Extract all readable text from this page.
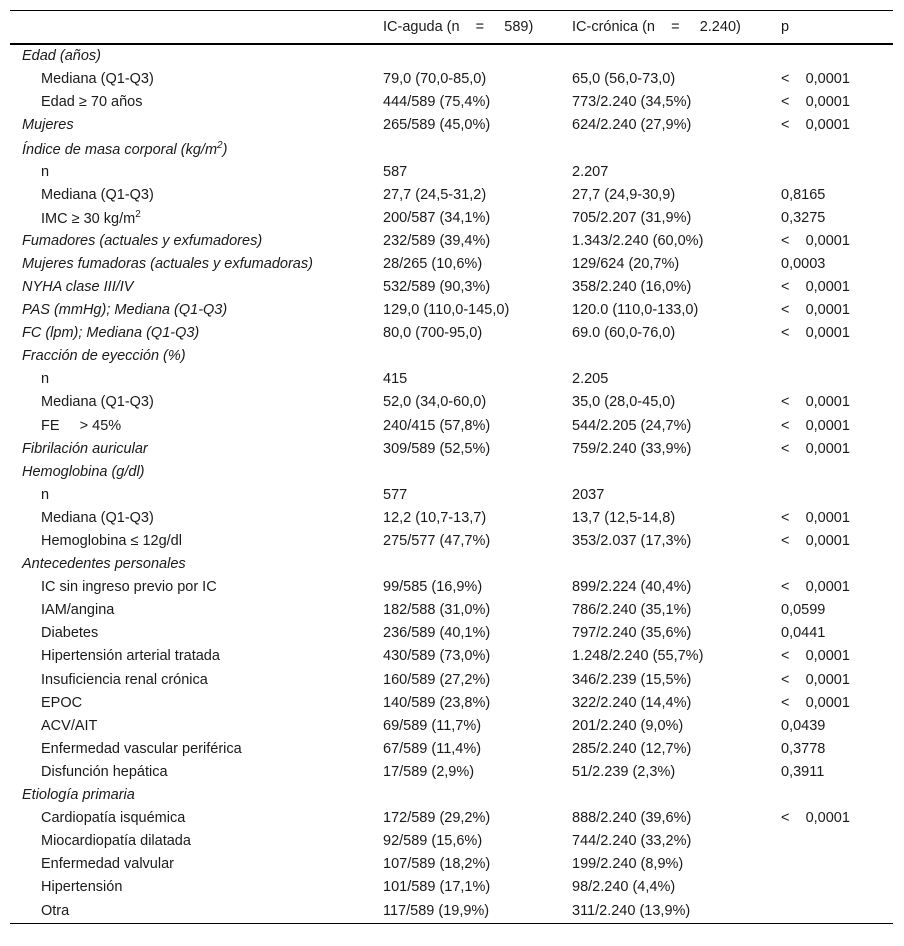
	IC-aguda (n    =     589)	IC-crónica (n    =     2.240)	p
Edad (años)			
Mediana (Q1-Q3)	79,0 (70,0-85,0)	65,0 (56,0-73,0)	<    0,0001
Edad ≥ 70 años	444/589 (75,4%)	773/2.240 (34,5%)	<    0,0001
Mujeres	265/589 (45,0%)	624/2.240 (27,9%)	<    0,0001
Índice de masa corporal $(kg/m^2)$			
n	587	2.207	
Mediana (Q1-Q3)	27,7 (24,5-31,2)	27,7 (24,9-30,9)	0,8165
IMC ≥ 30 $kg/m^2$	200/587 (34,1%)	705/2.207 (31,9%)	0,3275
Fumadores (actuales y exfumadores)	232/589 (39,4%)	1.343/2.240 (60,0%)	<    0,0001
Mujeres fumadoras (actuales y exfumadoras)	28/265 (10,6%)	129/624 (20,7%)	0,0003
NYHA clase III/IV	532/589 (90,3%)	358/2.240 (16,0%)	<    0,0001
PAS (mmHg); Mediana (Q1-Q3)	129,0 (110,0-145,0)	120.0 (110,0-133,0)	<    0,0001
FC (lpm); Mediana (Q1-Q3)	80,0 (700-95,0)	69.0 (60,0-76,0)	<    0,0001
Fracción de eyección (%)			
n	415	2.205	
Mediana (Q1-Q3)	52,0 (34,0-60,0)	35,0 (28,0-45,0)	<    0,0001
FE     > 45%	240/415 (57,8%)	544/2.205 (24,7%)	<    0,0001
Fibrilación auricular	309/589 (52,5%)	759/2.240 (33,9%)	<    0,0001
Hemoglobina (g/dl)			
n	577	2037	
Mediana (Q1-Q3)	12,2 (10,7-13,7)	13,7 (12,5-14,8)	<    0,0001
Hemoglobina ≤ 12g/dl	275/577 (47,7%)	353/2.037 (17,3%)	<    0,0001
Antecedentes personales			
IC sin ingreso previo por IC	99/585 (16,9%)	899/2.224 (40,4%)	<    0,0001
IAM/angina	182/588 (31,0%)	786/2.240 (35,1%)	0,0599
Diabetes	236/589 (40,1%)	797/2.240 (35,6%)	0,0441
Hipertensión arterial tratada	430/589 (73,0%)	1.248/2.240 (55,7%)	<    0,0001
Insuficiencia renal crónica	160/589 (27,2%)	346/2.239 (15,5%)	<    0,0001
EPOC	140/589 (23,8%)	322/2.240 (14,4%)	<    0,0001
ACV/AIT	69/589 (11,7%)	201/2.240 (9,0%)	0,0439
Enfermedad vascular periférica	67/589 (11,4%)	285/2.240 (12,7%)	0,3778
Disfunción hepática	17/589 (2,9%)	51/2.239 (2,3%)	0,3911
Etiología primaria			
Cardiopatía isquémica	172/589 (29,2%)	888/2.240 (39,6%)	<    0,0001
Miocardiopatía dilatada	92/589 (15,6%)	744/2.240 (33,2%)	
Enfermedad valvular	107/589 (18,2%)	199/2.240 (8,9%)	
Hipertensión	101/589 (17,1%)	98/2.240 (4,4%)	
Otra	117/589 (19,9%)	311/2.240 (13,9%)	
